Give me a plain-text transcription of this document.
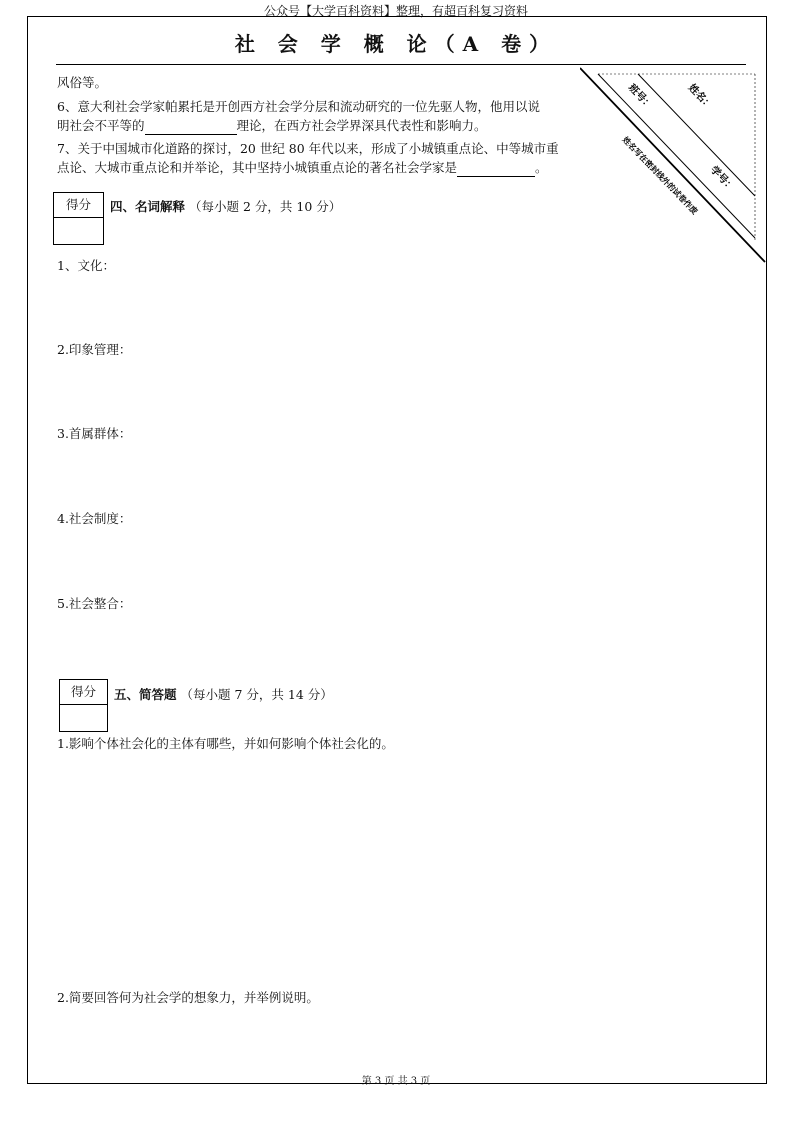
公众号【大学百科资料】整理，有超百科复习资料
社 会 学 概 论（A 卷）
班号：	姓名：
学号：
姓名写在密封线外的试卷作废
风俗等。
6、意大利社会学家帕累托是开创西方社会学分层和流动研究的一位先驱人物，他用以说
明社会不平等的	理论，在西方社会学界深具代表性和影响力。
7、关于中国城市化道路的探讨，20 世纪 80 年代以来，形成了小城镇重点论、中等城市重
点论、大城市重点论和并举论，其中坚持小城镇重点论的著名社会学家是	。
得分	四、名词解释 （每小题 2 分，共 10 分）
1、文化：
2.印象管理：
3.首属群体：
4.社会制度：
5.社会整合：
得分	五、简答题 （每小题 7 分，共 14 分）
1.影响个体社会化的主体有哪些，并如何影响个体社会化的。
2.简要回答何为社会学的想象力，并举例说明。
第 3 页 共 3 页
